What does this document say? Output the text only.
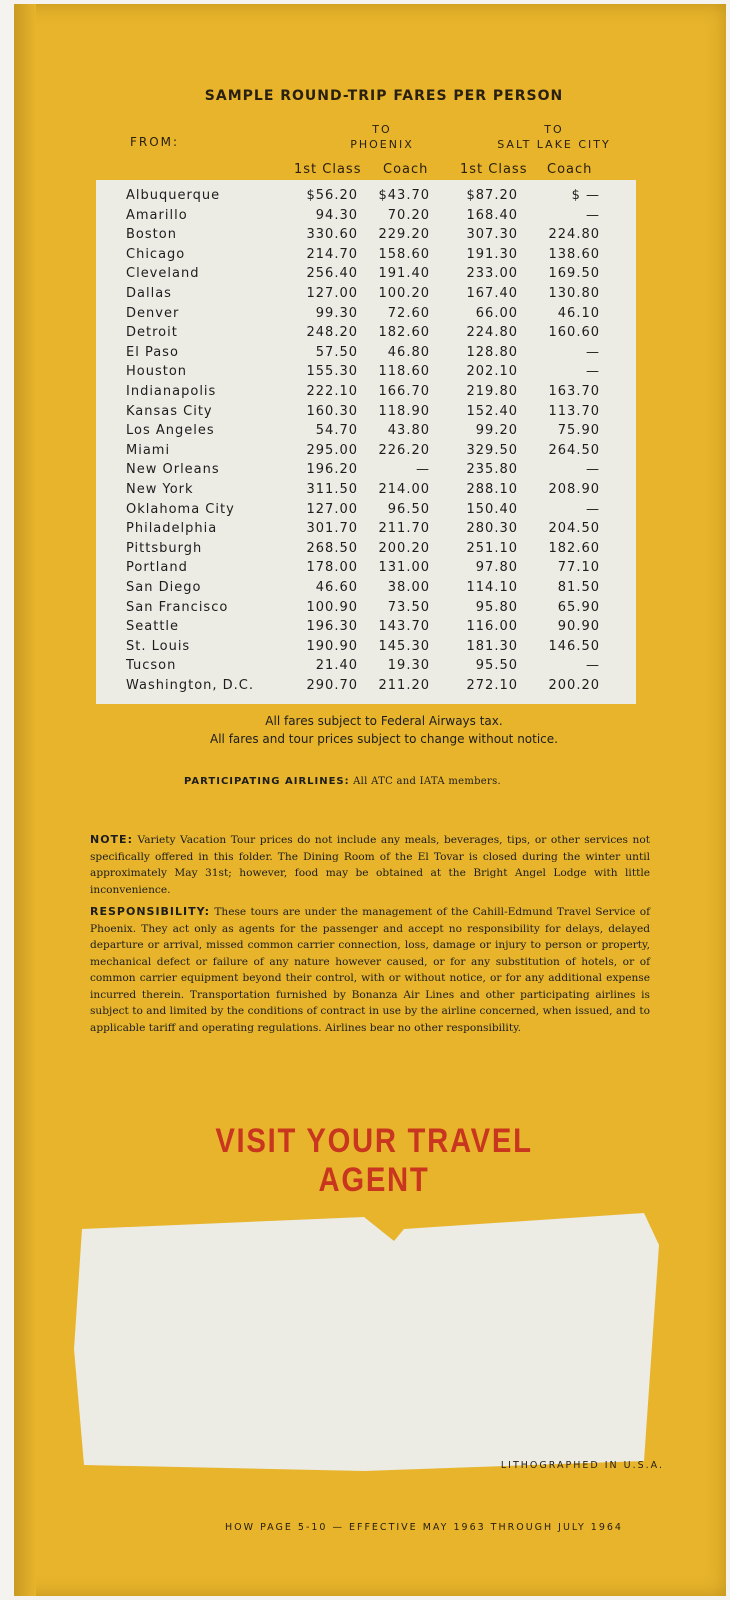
SAMPLE ROUND-TRIP FARES PER PERSON
FROM:
TO
PHOENIX
TO
SALT LAKE CITY
1st Class Coach 1st Class Coach
Albuquerque	$56.20	$43.70	$87.20	$ —
Amarillo	94.30	70.20	168.40	—
Boston	330.60	229.20	307.30	224.80
Chicago	214.70	158.60	191.30	138.60
Cleveland	256.40	191.40	233.00	169.50
Dallas	127.00	100.20	167.40	130.80
Denver	99.30	72.60	66.00	46.10
Detroit	248.20	182.60	224.80	160.60
El Paso	57.50	46.80	128.80	—
Houston	155.30	118.60	202.10	—
Indianapolis	222.10	166.70	219.80	163.70
Kansas City	160.30	118.90	152.40	113.70
Los Angeles	54.70	43.80	99.20	75.90
Miami	295.00	226.20	329.50	264.50
New Orleans	196.20	—	235.80	—
New York	311.50	214.00	288.10	208.90
Oklahoma City	127.00	96.50	150.40	—
Philadelphia	301.70	211.70	280.30	204.50
Pittsburgh	268.50	200.20	251.10	182.60
Portland	178.00	131.00	97.80	77.10
San Diego	46.60	38.00	114.10	81.50
San Francisco	100.90	73.50	95.80	65.90
Seattle	196.30	143.70	116.00	90.90
St. Louis	190.90	145.30	181.30	146.50
Tucson	21.40	19.30	95.50	—
Washington, D.C.	290.70	211.20	272.10	200.20
All fares subject to Federal Airways tax.
All fares and tour prices subject to change without notice.
PARTICIPATING AIRLINES: All ATC and IATA members.
NOTE: Variety Vacation Tour prices do not include any meals, beverages, tips, or other services not specifically offered in this folder. The Dining Room of the El Tovar is closed during the winter until approximately May 31st; however, food may be obtained at the Bright Angel Lodge with little inconvenience.
RESPONSIBILITY: These tours are under the management of the Cahill-Edmund Travel Service of Phoenix. They act only as agents for the passenger and accept no responsibility for delays, delayed departure or arrival, missed common carrier connection, loss, damage or injury to person or property, mechanical defect or failure of any nature however caused, or for any substitution of hotels, or of common carrier equipment beyond their control, with or without notice, or for any additional expense incurred therein. Transportation furnished by Bonanza Air Lines and other participating airlines is subject to and limited by the conditions of contract in use by the airline concerned, when issued, and to applicable tariff and operating regulations. Airlines bear no other responsibility.
VISIT YOUR TRAVEL AGENT
LITHOGRAPHED IN U.S.A.
HOW PAGE 5-10 — EFFECTIVE MAY 1963 THROUGH JULY 1964
